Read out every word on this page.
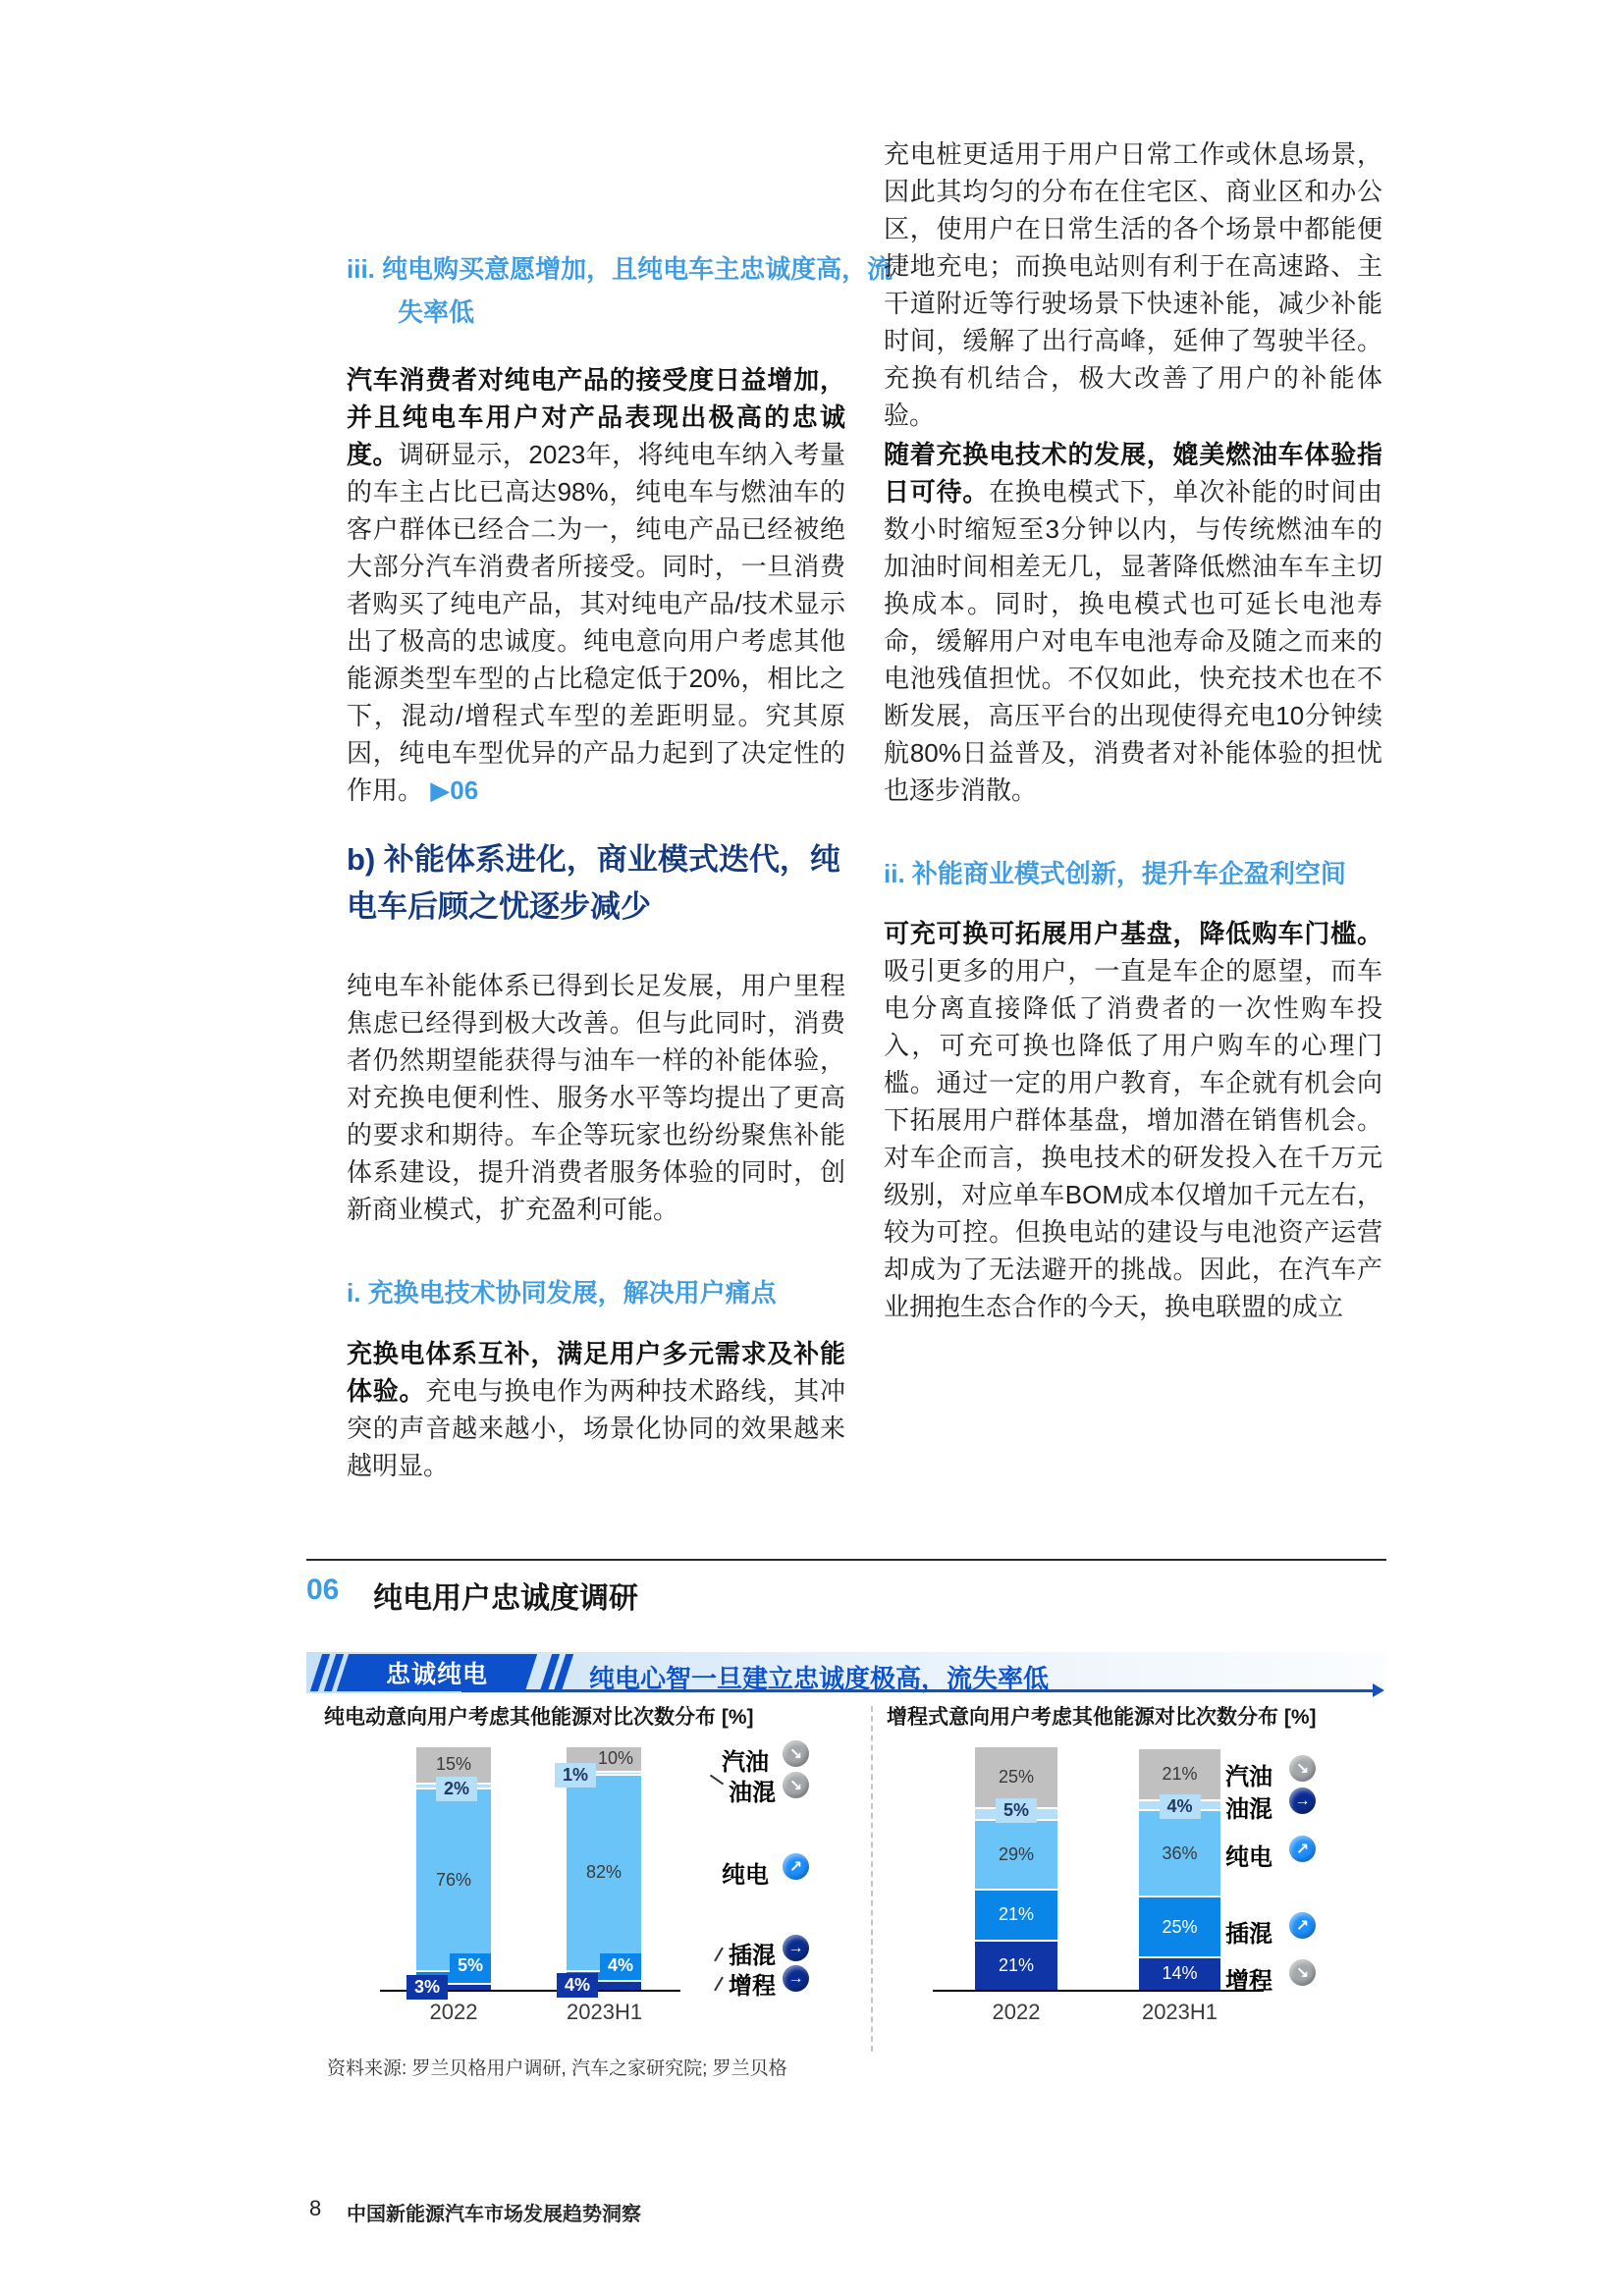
iii. 纯电购买意愿增加，且纯电车主忠诚度高，流失率低
汽车消费者对纯电产品的接受度日益增加，并且纯电车用户对产品表现出极高的忠诚度。调研显示，2023年，将纯电车纳入考量的车主占比已高达98%，纯电车与燃油车的客户群体已经合二为一，纯电产品已经被绝大部分汽车消费者所接受。同时，一旦消费者购买了纯电产品，其对纯电产品/技术显示出了极高的忠诚度。纯电意向用户考虑其他能源类型车型的占比稳定低于20%，相比之下，混动/增程式车型的差距明显。究其原因，纯电车型优异的产品力起到了决定性的作用。 ▶06
b) 补能体系进化，商业模式迭代，纯电车后顾之忧逐步减少
纯电车补能体系已得到长足发展，用户里程焦虑已经得到极大改善。但与此同时，消费者仍然期望能获得与油车一样的补能体验，对充换电便利性、服务水平等均提出了更高的要求和期待。车企等玩家也纷纷聚焦补能体系建设，提升消费者服务体验的同时，创新商业模式，扩充盈利可能。
i. 充换电技术协同发展，解决用户痛点
充换电体系互补，满足用户多元需求及补能体验。充电与换电作为两种技术路线，其冲突的声音越来越小，场景化协同的效果越来越明显。
充电桩更适用于用户日常工作或休息场景，因此其均匀的分布在住宅区、商业区和办公区，使用户在日常生活的各个场景中都能便捷地充电；而换电站则有利于在高速路、主干道附近等行驶场景下快速补能，减少补能时间，缓解了出行高峰，延伸了驾驶半径。充换有机结合，极大改善了用户的补能体验。
随着充换电技术的发展，媲美燃油车体验指日可待。在换电模式下，单次补能的时间由数小时缩短至3分钟以内，与传统燃油车的加油时间相差无几，显著降低燃油车车主切换成本。同时，换电模式也可延长电池寿命，缓解用户对电车电池寿命及随之而来的电池残值担忧。不仅如此，快充技术也在不断发展，高压平台的出现使得充电10分钟续航80%日益普及，消费者对补能体验的担忧也逐步消散。
ii. 补能商业模式创新，提升车企盈利空间
可充可换可拓展用户基盘，降低购车门槛。吸引更多的用户，一直是车企的愿望，而车电分离直接降低了消费者的一次性购车投入，可充可换也降低了用户购车的心理门槛。通过一定的用户教育，车企就有机会向下拓展用户群体基盘，增加潜在销售机会。对车企而言，换电技术的研发投入在千万元级别，对应单车BOM成本仅增加千元左右，较为可控。但换电站的建设与电池资产运营却成为了无法避开的挑战。因此，在汽车产业拥抱生态合作的今天，换电联盟的成立
06 纯电用户忠诚度调研
忠诚纯电	纯电心智一旦建立忠诚度极高，流失率低
纯电动意向用户考虑其他能源对比次数分布 [%]	增程式意向用户考虑其他能源对比次数分布 [%]
15%
76%
2%
5%
3%
2022
10%
82%
1%
4%
4%
2023H1
汽油 ↘
油混 ↘
纯电 ↗
插混 →
增程 →
25%
29%
21%
21%
5%
2022
21%
36%
25%
14%
4%
2023H1
汽油 ↘
油混 →
纯电 ↗
插混 ↗
增程 ↘
资料来源: 罗兰贝格用户调研, 汽车之家研究院; 罗兰贝格
8 中国新能源汽车市场发展趋势洞察
